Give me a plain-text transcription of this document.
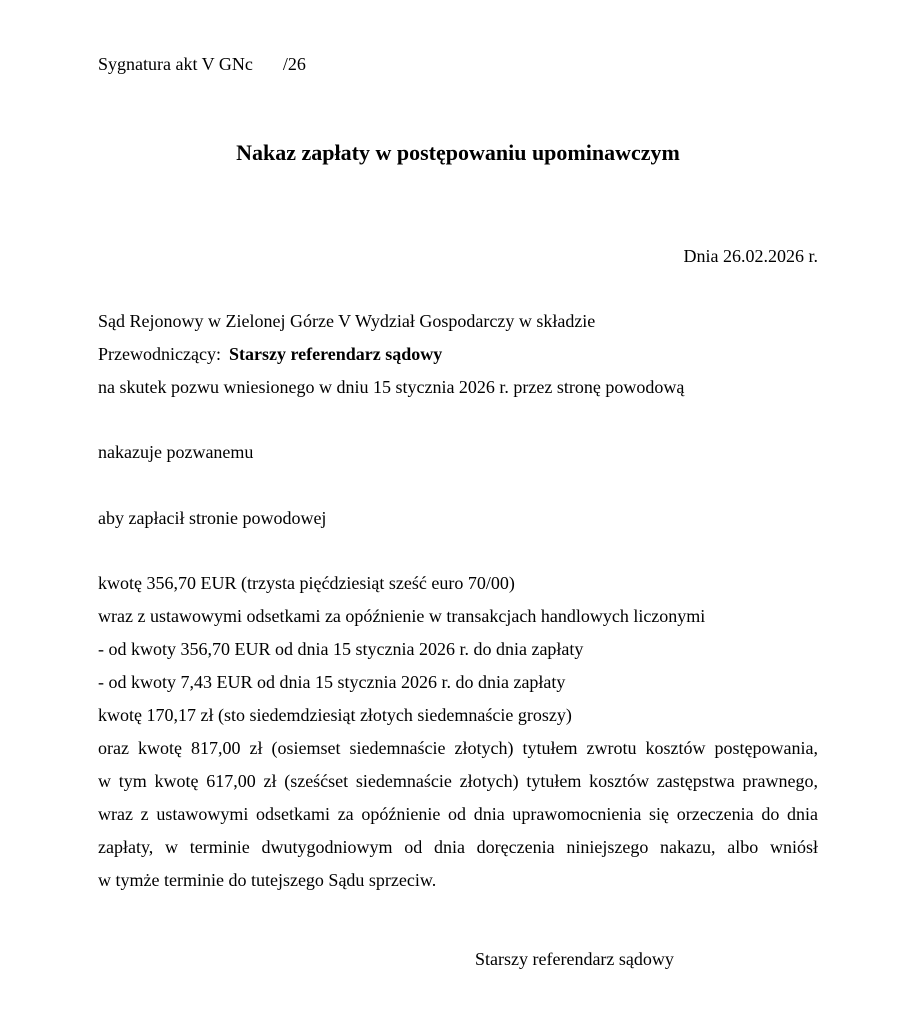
Sygnatura akt V GNc /26
Nakaz zapłaty w postępowaniu upominawczym
Dnia 26.02.2026 r.
Sąd Rejonowy w Zielonej Górze V Wydział Gospodarczy w składzie
Przewodniczący: Starszy referendarz sądowy
na skutek pozwu wniesionego w dniu 15 stycznia 2026 r. przez stronę powodową
nakazuje pozwanemu
aby zapłacił stronie powodowej
kwotę 356,70 EUR (trzysta pięćdziesiąt sześć euro 70/00)
wraz z ustawowymi odsetkami za opóźnienie w transakcjach handlowych liczonymi
- od kwoty 356,70 EUR od dnia 15 stycznia 2026 r. do dnia zapłaty
- od kwoty 7,43 EUR od dnia 15 stycznia 2026 r. do dnia zapłaty
kwotę 170,17 zł (sto siedemdziesiąt złotych siedemnaście groszy)
oraz kwotę 817,00 zł (osiemset siedemnaście złotych) tytułem zwrotu kosztów postępowania,
w tym kwotę 617,00 zł (sześćset siedemnaście złotych) tytułem kosztów zastępstwa prawnego,
wraz z ustawowymi odsetkami za opóźnienie od dnia uprawomocnienia się orzeczenia do dnia
zapłaty, w terminie dwutygodniowym od dnia doręczenia niniejszego nakazu, albo wniósł
w tymże terminie do tutejszego Sądu sprzeciw.
Starszy referendarz sądowy
